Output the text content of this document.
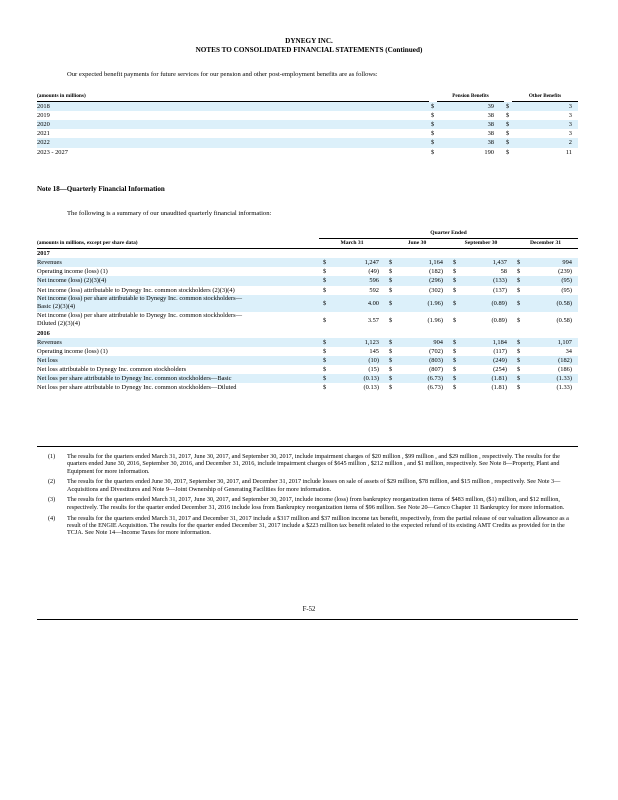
DYNEGY INC.
NOTES TO CONSOLIDATED FINANCIAL STATEMENTS (Continued)
Our expected benefit payments for future services for our pension and other post-employment benefits are as follows:
(amounts in millions)		Pension Benefits		Other Benefits
2018	$	39	$	3
2019	$	38	$	3
2020	$	38	$	3
2021	$	38	$	3
2022	$	38	$	2
2023 - 2027	$	190	$	11
Note 18—Quarterly Financial Information
The following is a summary of our unaudited quarterly financial information:
	Quarter Ended							
(amounts in millions, except per share data)	March 31		June 30		September 30		December 31	
2017								
Revenues	$	1,247	$	1,164	$	1,437	$	994
Operating income (loss) (1)	$	(49)	$	(182)	$	58	$	(239)
Net income (loss) (2)(3)(4)	$	596	$	(296)	$	(133)	$	(95)
Net income (loss) attributable to Dynegy Inc. common stockholders (2)(3)(4)	$	592	$	(302)	$	(137)	$	(95)
Net income (loss) per share attributable to Dynegy Inc. common stockholders—
Basic (2)(3)(4)	$	4.00	$	(1.96)	$	(0.89)	$	(0.58)
Net income (loss) per share attributable to Dynegy Inc. common stockholders—
Diluted (2)(3)(4)	$	3.57	$	(1.96)	$	(0.89)	$	(0.58)
2016								
Revenues	$	1,123	$	904	$	1,184	$	1,107
Operating income (loss) (1)	$	145	$	(702)	$	(117)	$	34
Net loss	$	(10)	$	(803)	$	(249)	$	(182)
Net loss attributable to Dynegy Inc. common stockholders	$	(15)	$	(807)	$	(254)	$	(186)
Net loss per share attributable to Dynegy Inc. common stockholders—Basic	$	(0.13)	$	(6.73)	$	(1.81)	$	(1.33)
Net loss per share attributable to Dynegy Inc. common stockholders—Diluted	$	(0.13)	$	(6.73)	$	(1.81)	$	(1.33)
(1) The results for the quarters ended March 31, 2017, June 30, 2017, and September 30, 2017, include impairment charges of $20 million , $99 million , and $29 million , respectively. The results for the quarters ended June 30, 2016, September 30, 2016, and December 31, 2016, include impairment charges of $645 million , $212 million , and $1 million, respectively. See Note 8—Property, Plant and Equipment for more information.
(2) The results for the quarters ended June 30, 2017, September 30, 2017, and December 31, 2017 include losses on sale of assets of $29 million, $78 million, and $15 million , respectively. See Note 3—Acquisitions and Divestitures and Note 9—Joint Ownership of Generating Facilities for more information.
(3) The results for the quarters ended March 31, 2017, June 30, 2017, and September 30, 2017, include income (loss) from bankruptcy reorganization items of $483 million, ($1) million, and $12 million, respectively. The results for the quarter ended December 31, 2016 include loss from Bankruptcy reorganization items of $96 million. See Note 20—Genco Chapter 11 Bankruptcy for more information.
(4) The results for the quarters ended March 31, 2017 and December 31, 2017 include a $317 million and $37 million income tax benefit, respectively, from the partial release of our valuation allowance as a result of the ENGIE Acquisition. The results for the quarter ended December 31, 2017 include a $223 million tax benefit related to the expected refund of its existing AMT Credits as provided for in the TCJA. See Note 14—Income Taxes for more information.
F-52
